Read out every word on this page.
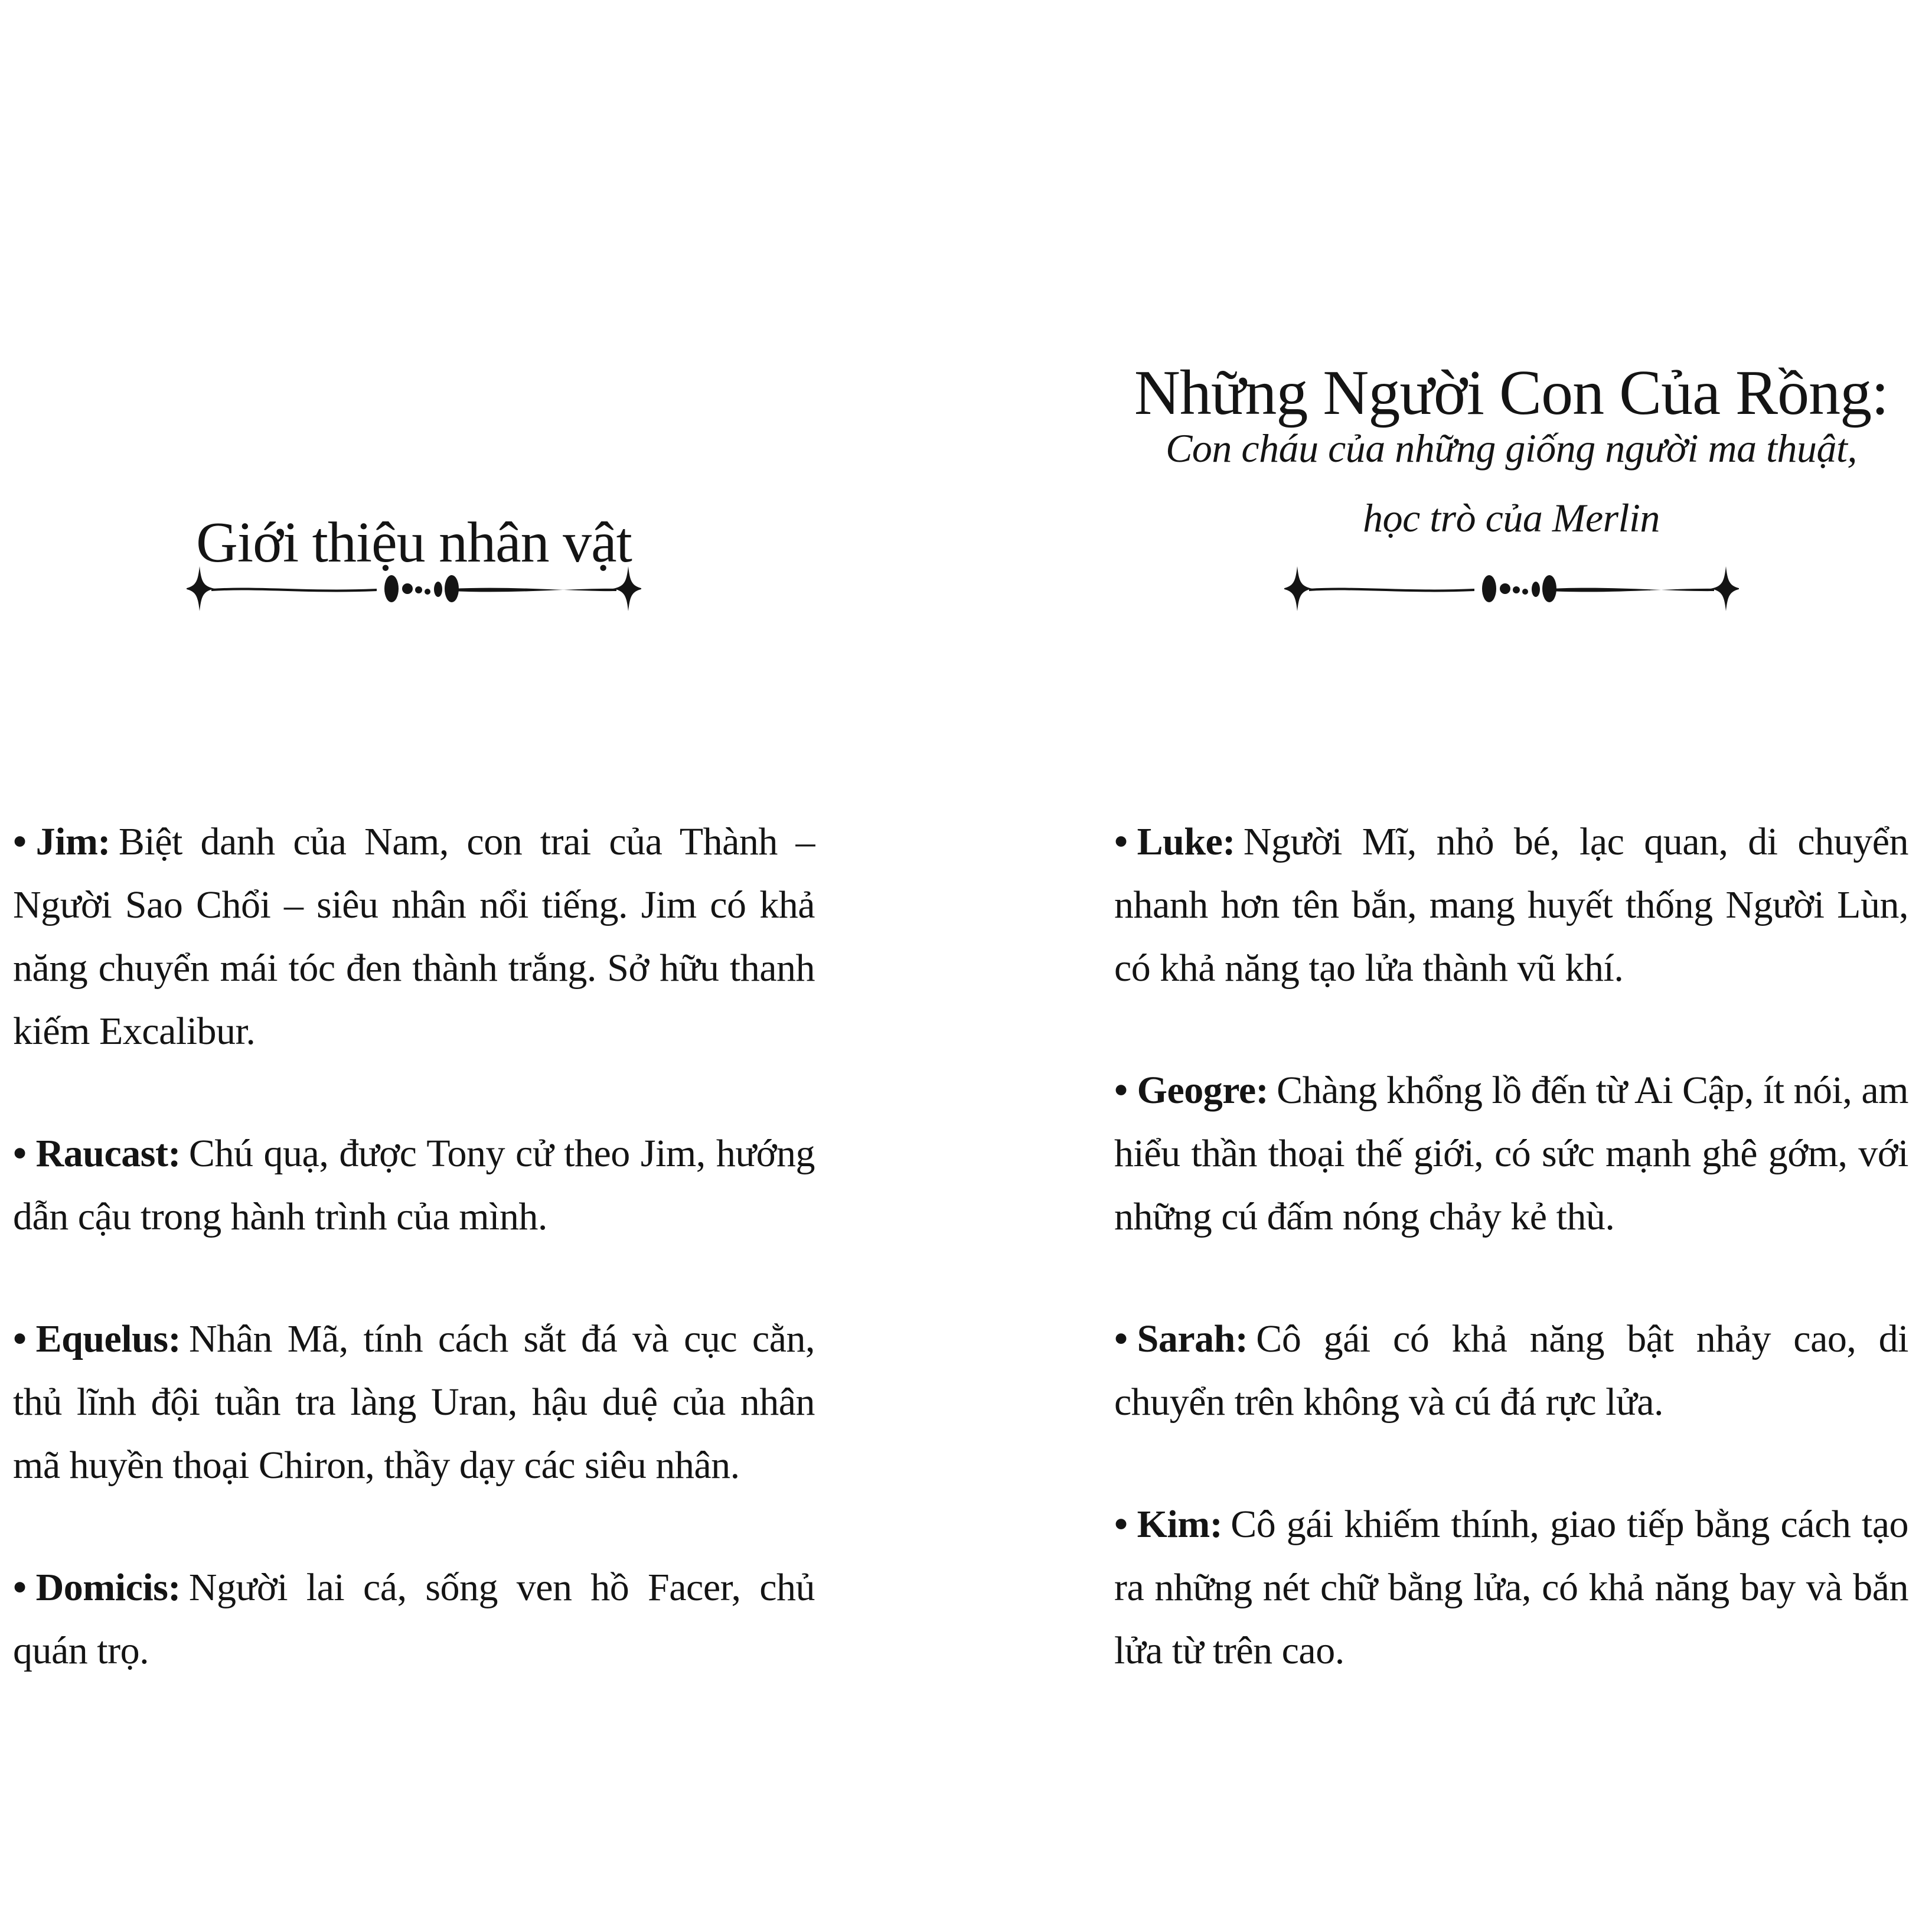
Giới thiệu nhân vật
Những Người Con Của Rồng:
Con cháu của những giống người ma thuật,
học trò của Merlin

• Jim: Biệt danh của Nam, con trai của Thành – Người Sao Chổi – siêu nhân nổi tiếng. Jim có khả năng chuyển mái tóc đen thành trắng. Sở hữu thanh kiếm Excalibur.

• Raucast: Chú quạ, được Tony cử theo Jim, hướng dẫn cậu trong hành trình của mình.

• Equelus: Nhân Mã, tính cách sắt đá và cục cằn, thủ lĩnh đội tuần tra làng Uran, hậu duệ của nhân mã huyền thoại Chiron, thầy dạy các siêu nhân.

• Domicis: Người lai cá, sống ven hồ Facer, chủ quán trọ.

• Luke: Người Mĩ, nhỏ bé, lạc quan, di chuyển nhanh hơn tên bắn, mang huyết thống Người Lùn, có khả năng tạo lửa thành vũ khí.

• Geogre: Chàng khổng lồ đến từ Ai Cập, ít nói, am hiểu thần thoại thế giới, có sức mạnh ghê gớm, với những cú đấm nóng chảy kẻ thù.

• Sarah: Cô gái có khả năng bật nhảy cao, di chuyển trên không và cú đá rực lửa.

• Kim: Cô gái khiếm thính, giao tiếp bằng cách tạo ra những nét chữ bằng lửa, có khả năng bay và bắn lửa từ trên cao.
